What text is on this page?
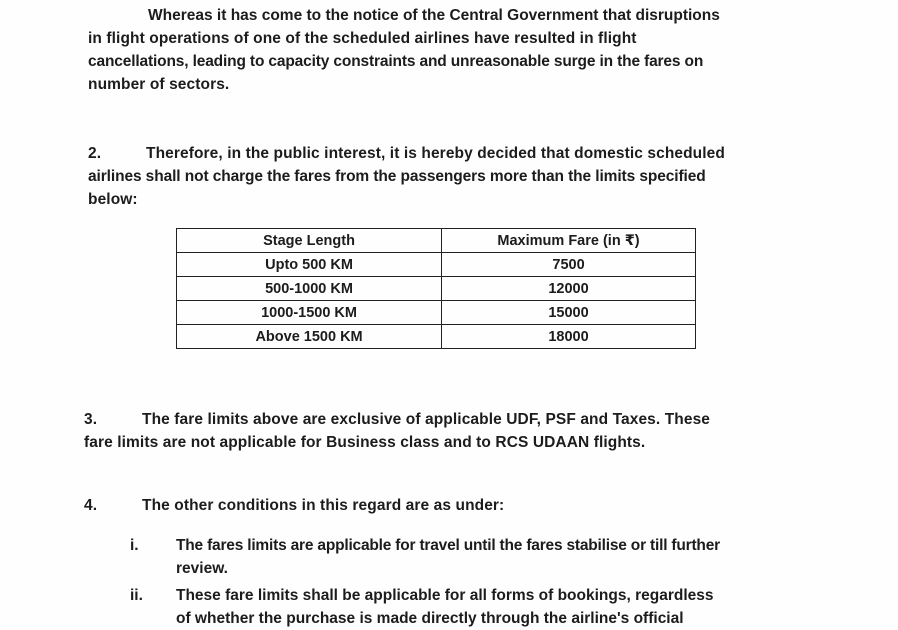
Whereas it has come to the notice of the Central Government that disruptions
in flight operations of one of the scheduled airlines have resulted in flight
cancellations, leading to capacity constraints and unreasonable surge in the fares on
number of sectors.
2.	Therefore, in the public interest, it is hereby decided that domestic scheduled
airlines shall not charge the fares from the passengers more than the limits specified
below:
Stage Length	Maximum Fare (in ₹)
Upto 500 KM	7500
500-1000 KM	12000
1000-1500 KM	15000
Above 1500 KM	18000
3.	The fare limits above are exclusive of applicable UDF, PSF and Taxes. These
fare limits are not applicable for Business class and to RCS UDAAN flights.
4.	The other conditions in this regard are as under:
i. The fares limits are applicable for travel until the fares stabilise or till further
review.
ii. These fare limits shall be applicable for all forms of bookings, regardless
of whether the purchase is made directly through the airline's official
